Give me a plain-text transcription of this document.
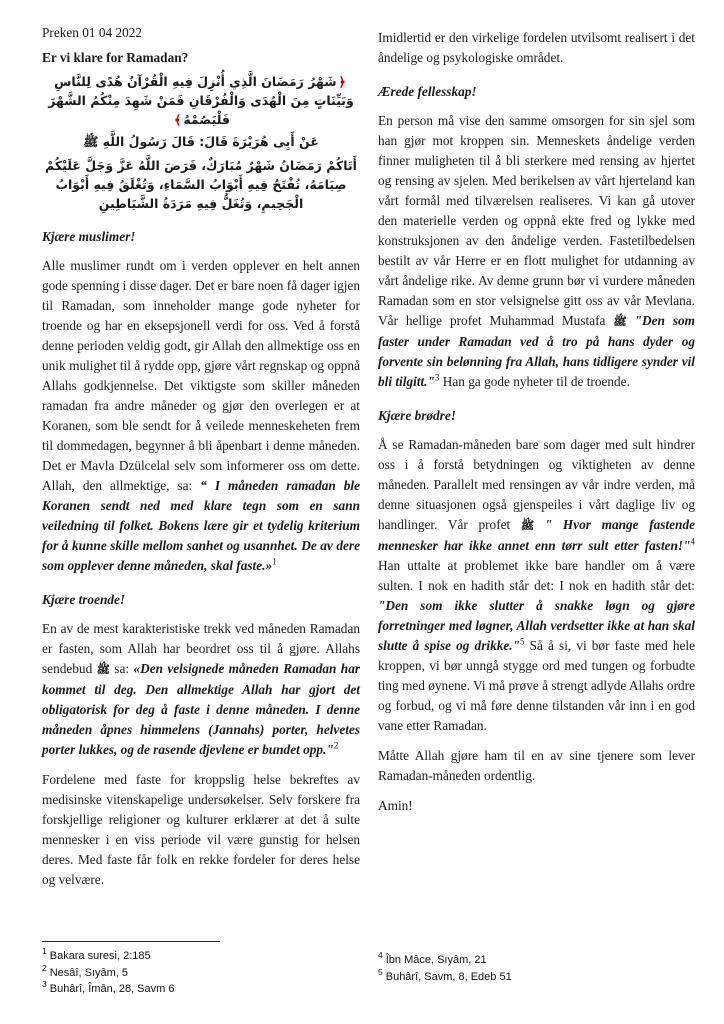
Preken 01 04 2022
Er vi klare for Ramadan?
﴿شَهْرُ رَمَضَانَ الَّذِي أُنْزِلَ فِيهِ الْقُرْآنُ هُدًى لِلنَّاسِ وَبَيِّنَاتٍ مِنَ الْهُدَى وَالْفُرْقَانِ فَمَنْ شَهِدَ مِنْكُمُ الشَّهْرَ فَلْيَصُمْهُ﴾
عَنْ أَبِى هُرَيْرَةَ قَالَ: قَالَ رَسُولُ اللَّهِ ﷺ
أَتَاكُمْ رَمَضَانُ شَهْرٌ مُبَارَكٌ، فَرَضَ اللَّهُ عَزَّ وَجَلَّ عَلَيْكُمْ صِيَامَهُ، تُفْتَحُ فِيهِ أَبْوَابُ السَّمَاءِ، وَتُغْلَقُ فِيهِ أَبْوَابُ الْجَحِيمِ، وَتُغَلُّ فِيهِ مَرَدَةُ الشَّيَاطِينِ
Kjære muslimer!

Alle muslimer rundt om i verden opplever en helt annen gode spenning i disse dager. Det er bare noen få dager igjen til Ramadan, som inneholder mange gode nyheter for troende og har en eksepsjonell verdi for oss. Ved å forstå denne perioden veldig godt, gir Allah den allmektige oss en unik mulighet til å rydde opp, gjøre vårt regnskap og oppnå Allahs godkjennelse. Det viktigste som skiller måneden ramadan fra andre måneder og gjør den overlegen er at Koranen, som ble sendt for å veilede menneskeheten frem til dommedagen, begynner å bli åpenbart i denne måneden. Det er Mavla Dzülcelal selv som informerer oss om dette. Allah, den allmektige, sa: “ I måneden ramadan ble Koranen sendt ned med klare tegn som en sann veiledning til folket. Bokens lære gir et tydelig kriterium for å kunne skille mellom sanhet og usannhet. De av dere som opplever denne måneden, skal faste.»$^1$

Kjære troende!

En av de mest karakteristiske trekk ved måneden Ramadan er fasten, som Allah har beordret oss til å gjøre. Allahs sendebud ﷺ sa: «Den velsignede måneden Ramadan har kommet til deg. Den allmektige Allah har gjort det obligatorisk for deg å faste i denne måneden. I denne måneden åpnes himmelens (Jannahs) porter, helvetes porter lukkes, og de rasende djevlene er bundet opp."$^2$

Fordelene med faste for kroppslig helse bekreftes av medisinske vitenskapelige undersøkelser. Selv forskere fra forskjellige religioner og kulturer erklærer at det å sulte mennesker i en viss periode vil være gunstig for helsen deres. Med faste får folk en rekke fordeler for deres helse og velvære.

Imidlertid er den virkelige fordelen utvilsomt realisert i det åndelige og psykologiske området.

Ærede fellesskap!

En person må vise den samme omsorgen for sin sjel som han gjør mot kroppen sin. Menneskets åndelige verden finner muligheten til å bli sterkere med rensing av hjertet og rensing av sjelen. Med berikelsen av vårt hjerteland kan vårt formål med tilværelsen realiseres. Vi kan gå utover den materielle verden og oppnå ekte fred og lykke med konstruksjonen av den åndelige verden. Fastetilbedelsen bestilt av vår Herre er en flott mulighet for utdanning av vårt åndelige rike. Av denne grunn bør vi vurdere måneden Ramadan som en stor velsignelse gitt oss av vår Mevlana. Vår hellige profet Muhammad Mustafa ﷺ "Den som faster under Ramadan ved å tro på hans dyder og forvente sin belønning fra Allah, hans tidligere synder vil bli tilgitt."$^3$ Han ga gode nyheter til de troende.

Kjære brødre!

Å se Ramadan-måneden bare som dager med sult hindrer oss i å forstå betydningen og viktigheten av denne måneden. Parallelt med rensingen av vår indre verden, må denne situasjonen også gjenspeiles i vårt daglige liv og handlinger. Vår profet ﷺ " Hvor mange fastende mennesker har ikke annet enn tørr sult etter fasten!"$^4$ Han uttalte at problemet ikke bare handler om å være sulten. I nok en hadith står det: I nok en hadith står det: "Den som ikke slutter å snakke løgn og gjøre forretninger med løgner, Allah verdsetter ikke at han skal slutte å spise og drikke."$^5$ Så å si, vi bør faste med hele kroppen, vi bør unngå stygge ord med tungen og forbudte ting med øynene. Vi må prøve å strengt adlyde Allahs ordre og forbud, og vi må føre denne tilstanden vår inn i en god vane etter Ramadan.

Måtte Allah gjøre ham til en av sine tjenere som lever Ramadan-måneden ordentlig.

Amin!

$^1$ Bakara suresi, 2:185
$^2$ Nesâî, Sıyâm, 5
$^3$ Buhârî, Îmân, 28, Savm 6
$^4$ Îbn Mâce, Sıyâm, 21
$^5$ Buhârî, Savm, 8, Edeb 51
